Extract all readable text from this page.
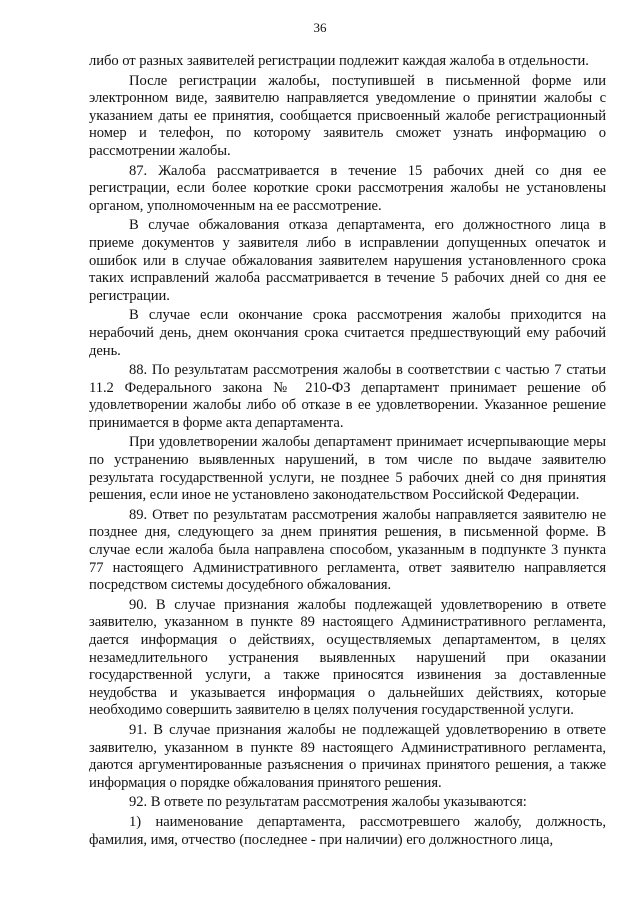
36

либо от разных заявителей регистрации подлежит каждая жалоба в отдельности.

После регистрации жалобы, поступившей в письменной форме или электронном виде, заявителю направляется уведомление о принятии жалобы с указанием даты ее принятия, сообщается присвоенный жалобе регистрационный номер и телефон, по которому заявитель сможет узнать информацию о рассмотрении жалобы.

87. Жалоба рассматривается в течение 15 рабочих дней со дня ее регистрации, если более короткие сроки рассмотрения жалобы не установлены органом, уполномоченным на ее рассмотрение.

В случае обжалования отказа департамента, его должностного лица в приеме документов у заявителя либо в исправлении допущенных опечаток и ошибок или в случае обжалования заявителем нарушения установленного срока таких исправлений жалоба рассматривается в течение 5 рабочих дней со дня ее регистрации.

В случае если окончание срока рассмотрения жалобы приходится на нерабочий день, днем окончания срока считается предшествующий ему рабочий день.

88. По результатам рассмотрения жалобы в соответствии с частью 7 статьи 11.2 Федерального закона № 210-ФЗ департамент принимает решение об удовлетворении жалобы либо об отказе в ее удовлетворении. Указанное решение принимается в форме акта департамента.

При удовлетворении жалобы департамент принимает исчерпывающие меры по устранению выявленных нарушений, в том числе по выдаче заявителю результата государственной услуги, не позднее 5 рабочих дней со дня принятия решения, если иное не установлено законодательством Российской Федерации.

89. Ответ по результатам рассмотрения жалобы направляется заявителю не позднее дня, следующего за днем принятия решения, в письменной форме. В случае если жалоба была направлена способом, указанным в подпункте 3 пункта 77 настоящего Административного регламента, ответ заявителю направляется посредством системы досудебного обжалования.

90. В случае признания жалобы подлежащей удовлетворению в ответе заявителю, указанном в пункте 89 настоящего Административного регламента, дается информация о действиях, осуществляемых департаментом, в целях незамедлительного устранения выявленных нарушений при оказании государственной услуги, а также приносятся извинения за доставленные неудобства и указывается информация о дальнейших действиях, которые необходимо совершить заявителю в целях получения государственной услуги.

91. В случае признания жалобы не подлежащей удовлетворению в ответе заявителю, указанном в пункте 89 настоящего Административного регламента, даются аргументированные разъяснения о причинах принятого решения, а также информация о порядке обжалования принятого решения.

92. В ответе по результатам рассмотрения жалобы указываются:

1) наименование департамента, рассмотревшего жалобу, должность, фамилия, имя, отчество (последнее - при наличии) его должностного лица,
